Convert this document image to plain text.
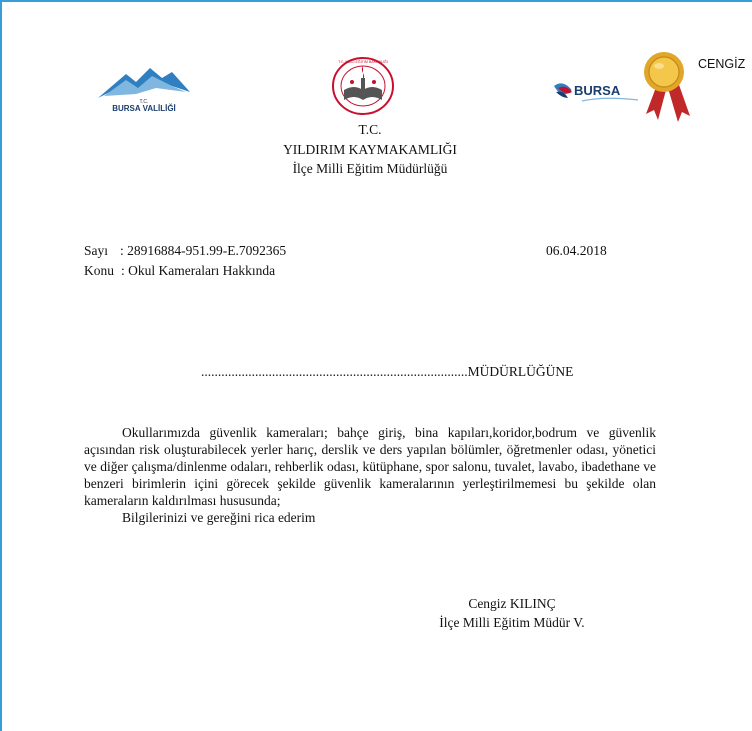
T.C.
BURSA VALİLİĞİ
T.C. MİLLÎ EĞİTİM BAKANLIĞI
BURSA
CENGİZ
T.C.
YILDIRIM KAYMAKAMLIĞI
İlçe Milli Eğitim Müdürlüğü
Sayı : 28916884-951.99-E.7092365	06.04.2018
Konu : Okul Kameraları Hakkında
...............................................................................MÜDÜRLÜĞÜNE

Okullarımızda güvenlik kameraları; bahçe giriş, bina kapıları,koridor,bodrum ve güvenlik açısından risk oluşturabilecek yerler harıç, derslik ve ders yapılan bölümler, öğretmenler odası, yönetici ve diğer çalışma/dinlenme odaları, rehberlik odası, kütüphane, spor salonu, tuvalet, lavabo, ibadethane ve benzeri birimlerin içini görecek şekilde güvenlik kameralarının yerleştirilmemesi bu şekilde olan kameraların kaldırılması hususunda;

Bilgilerinizi ve gereğini rica ederim

Cengiz KILINÇ
İlçe Milli Eğitim Müdür V.
